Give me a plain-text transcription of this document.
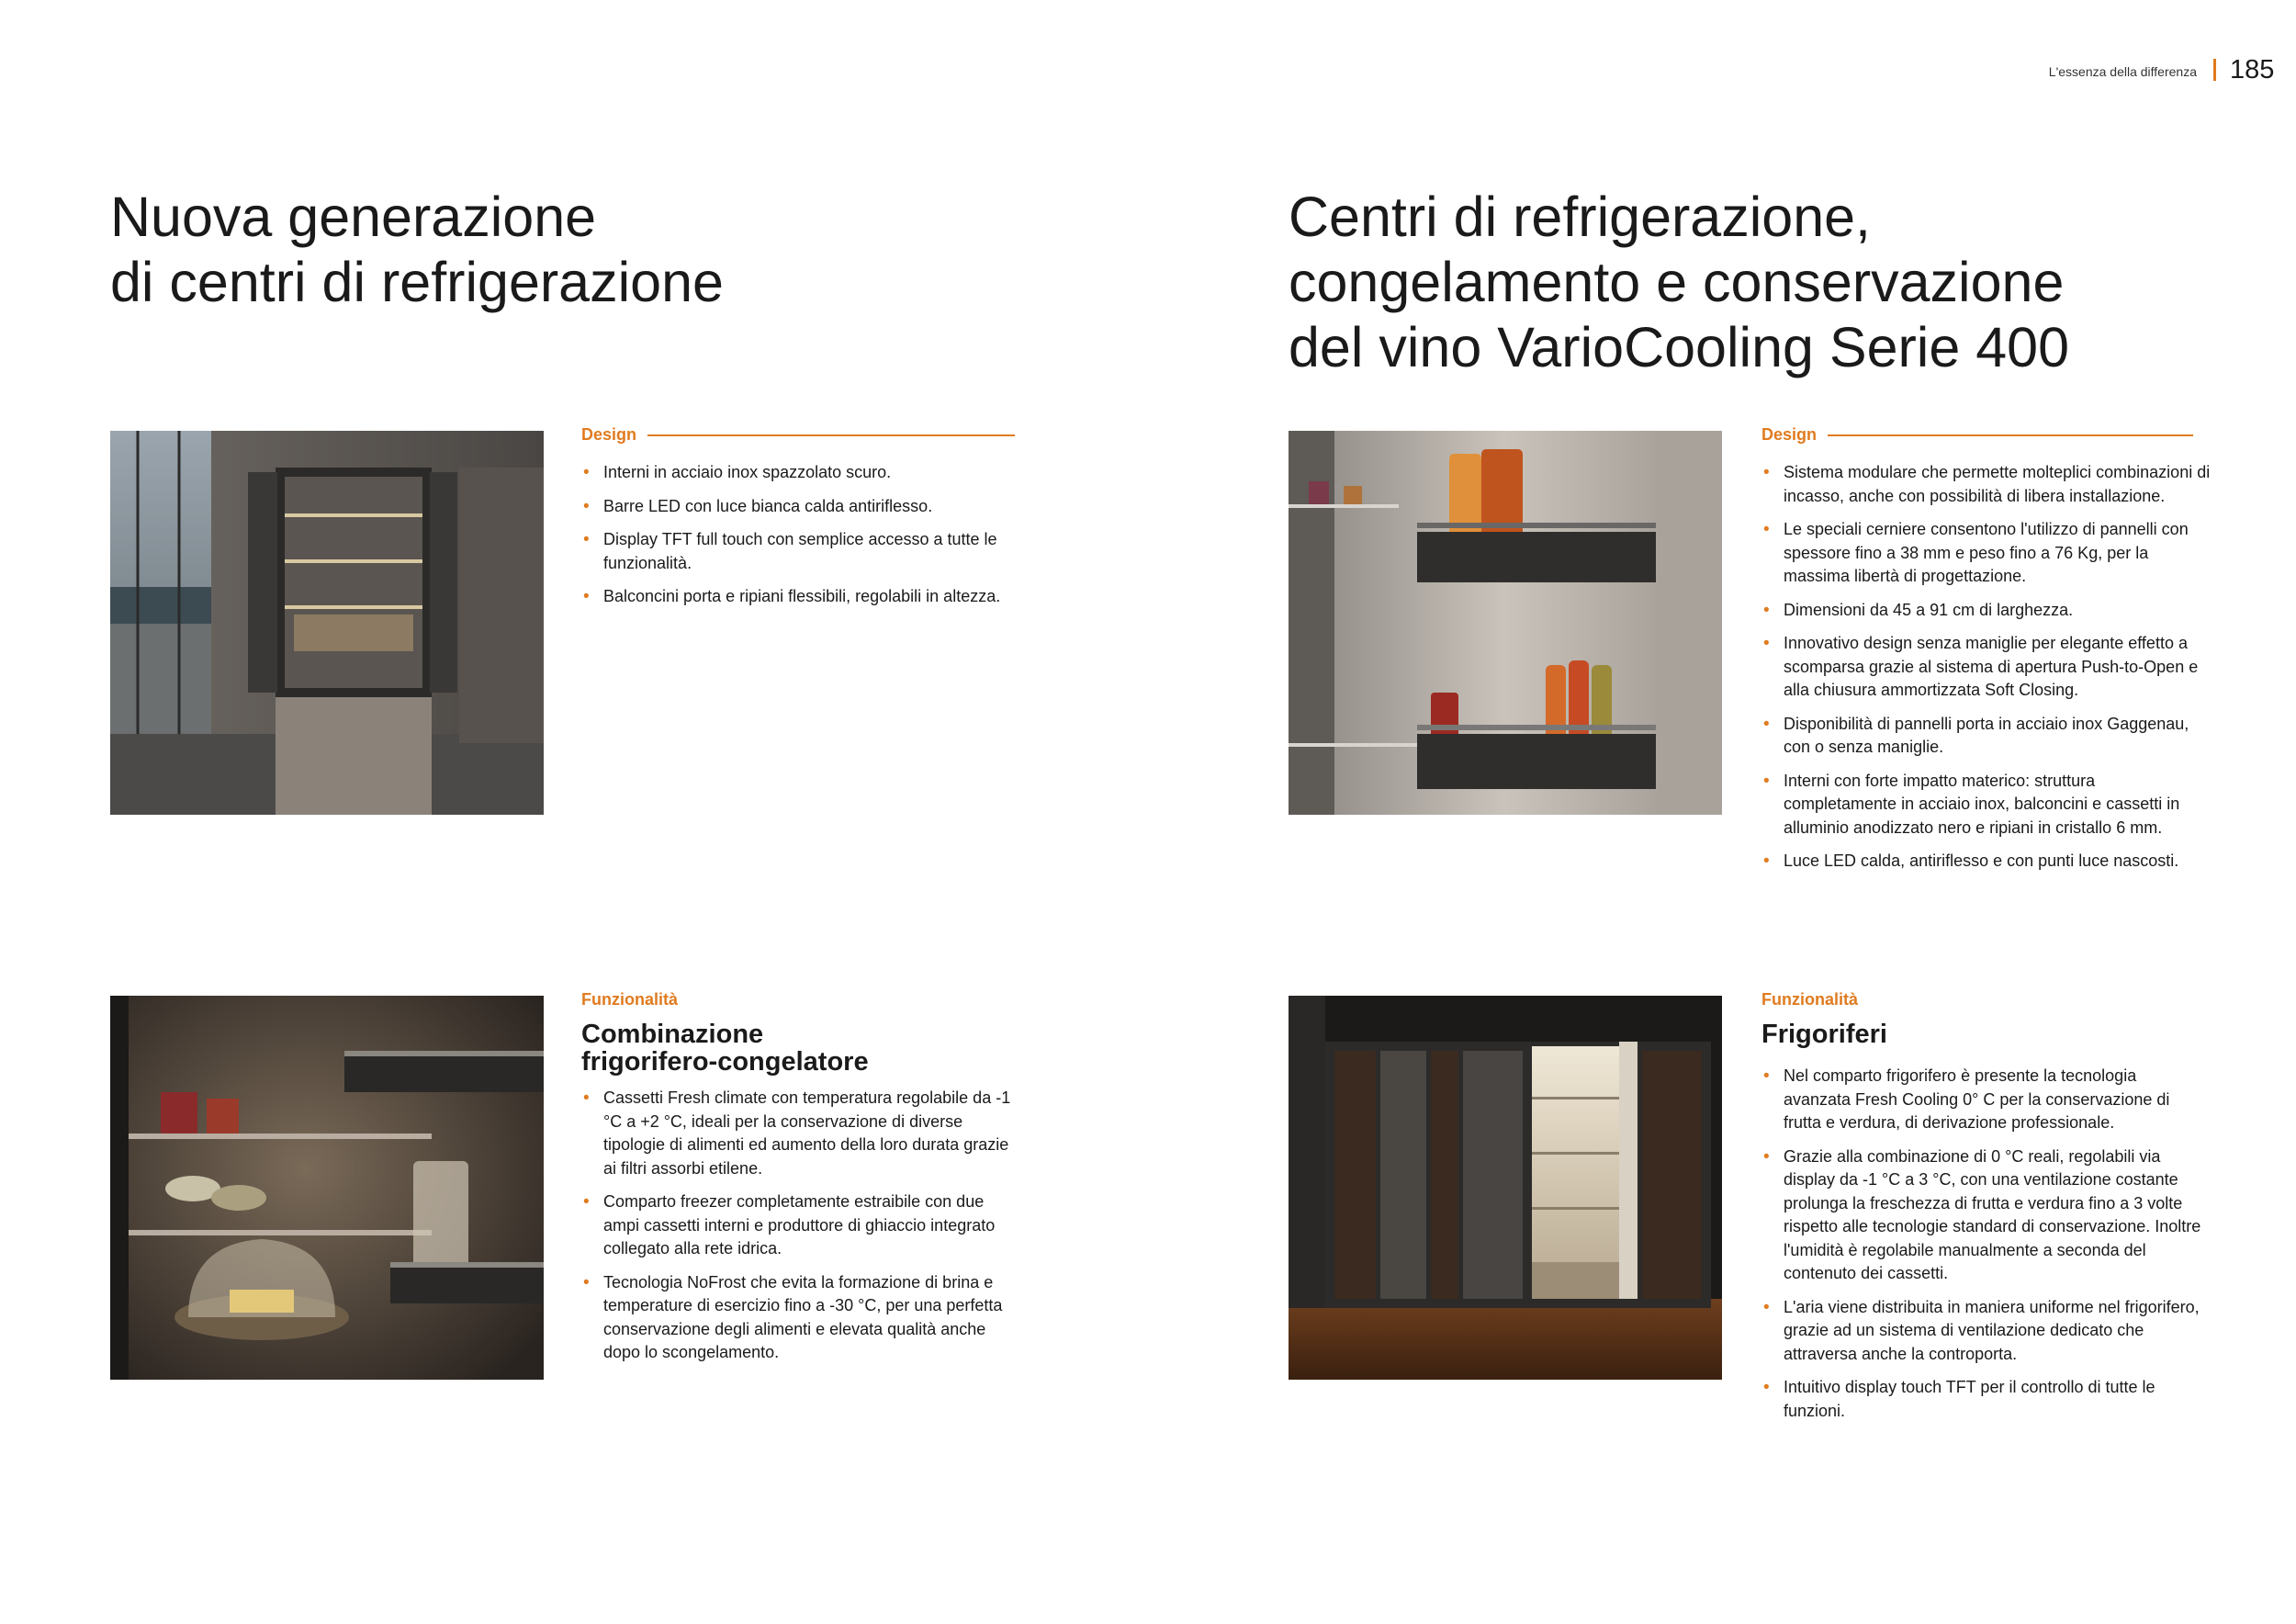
L'essenza della differenza 185
Nuova generazione
di centri di refrigerazione
Centri di refrigerazione,
congelamento e conservazione
del vino VarioCooling Serie 400
Design
• Interni in acciaio inox spazzolato scuro.
• Barre LED con luce bianca calda antiriflesso.
• Display TFT full touch con semplice accesso a tutte le funzionalità.
• Balconcini porta e ripiani flessibili, regolabili in altezza.
Design
• Sistema modulare che permette molteplici combinazioni di incasso, anche con possibilità di libera installazione.
• Le speciali cerniere consentono l'utilizzo di pannelli con spessore fino a 38 mm e peso fino a 76 Kg, per la massima libertà di progettazione.
• Dimensioni da 45 a 91 cm di larghezza.
• Innovativo design senza maniglie per elegante effetto a scomparsa grazie al sistema di apertura Push-to-Open e alla chiusura ammortizzata Soft Closing.
• Disponibilità di pannelli porta in acciaio inox Gaggenau, con o senza maniglie.
• Interni con forte impatto materico: struttura completamente in acciaio inox, balconcini e cassetti in alluminio anodizzato nero e ripiani in cristallo 6 mm.
• Luce LED calda, antiriflesso e con punti luce nascosti.
Funzionalità
Combinazione
frigorifero-congelatore
• Cassetti Fresh climate con temperatura regolabile da -1 °C a +2 °C, ideali per la conservazione di diverse tipologie di alimenti ed aumento della loro durata grazie ai filtri assorbi etilene.
• Comparto freezer completamente estraibile con due ampi cassetti interni e produttore di ghiaccio integrato collegato alla rete idrica.
• Tecnologia NoFrost che evita la formazione di brina e temperature di esercizio fino a -30 °C, per una perfetta conservazione degli alimenti e elevata qualità anche dopo lo scongelamento.
Funzionalità
Frigoriferi
• Nel comparto frigorifero è presente la tecnologia avanzata Fresh Cooling 0° C per la conservazione di frutta e verdura, di derivazione professionale.
• Grazie alla combinazione di 0 °C reali, regolabili via display da -1 °C a 3 °C, con una ventilazione costante prolunga la freschezza di frutta e verdura fino a 3 volte rispetto alle tecnologie standard di conservazione. Inoltre l'umidità è regolabile manualmente a seconda del contenuto dei cassetti.
• L'aria viene distribuita in maniera uniforme nel frigorifero, grazie ad un sistema di ventilazione dedicato che attraversa anche la controporta.
• Intuitivo display touch TFT per il controllo di tutte le funzioni.
